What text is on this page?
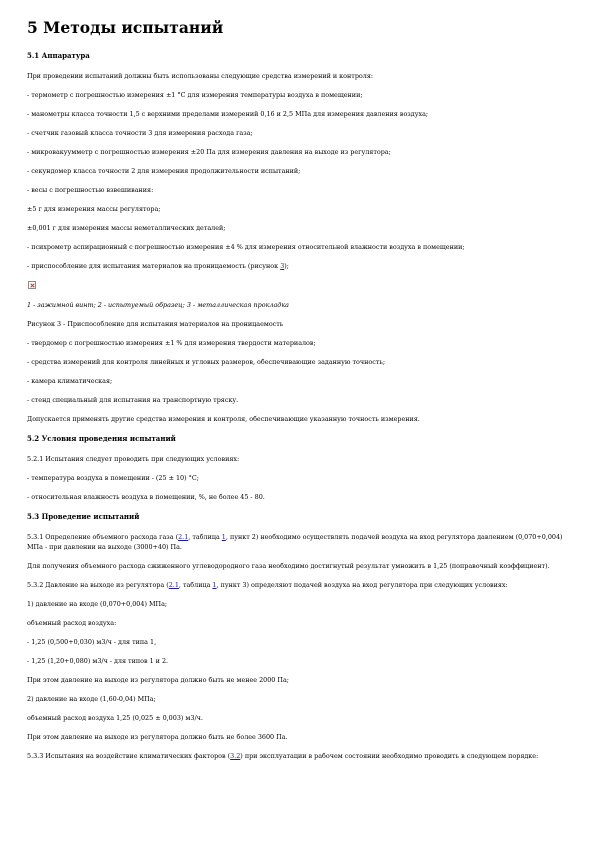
5 Методы испытаний
5.1 Аппаратура

При проведении испытаний должны быть использованы следующие средства измерений и контроля:

- термометр с погрешностью измерения ±1 °С для измерения температуры воздуха в помещении;

- манометры класса точности 1,5 с верхними пределами измерений 0,16 и 2,5 МПа для измерения давления воздуха;

- счетчик газовый класса точности 3 для измерения расхода газа;

- микровакуумметр с погрешностью измерения ±20 Па для измерения давления на выходе из регулятора;

- секундомер класса точности 2 для измерения продолжительности испытаний;

- весы с погрешностью взвешивания:

±5 г для измерения массы регулятора;

±0,001 г для измерения массы неметаллических деталей;

- психрометр аспирационный с погрешностью измерения ±4 % для измерения относительной влажности воздуха в помещении;

- приспособление для испытания материалов на проницаемость (рисунок 3);

1 - зажимной винт; 2 - испытуемый образец; 3 - металлическая прокладка

Рисунок 3 - Приспособление для испытания материалов на проницаемость

- твердомер с погрешностью измерения ±1 % для измерения твердости материалов;

- средства измерений для контроля линейных и угловых размеров, обеспечивающие заданную точность;

- камера климатическая;

- стенд специальный для испытания на транспортную тряску.

Допускается применять другие средства измерения и контроля, обеспечивающие указанную точность измерения.

5.2 Условия проведения испытаний

5.2.1 Испытания следует проводить при следующих условиях:

- температура воздуха в помещении - (25 ± 10) °С;

- относительная влажность воздуха в помещении, %, не более 45 - 80.

5.3 Проведение испытаний

5.3.1 Определение объемного расхода газа (2.1, таблица 1, пункт 2) необходимо осуществлять подачей воздуха на вход регулятора давлением (0,070+0,004) МПа - при давлении на выходе (3000+40) Па.

Для получения объемного расхода сжиженного углеводородного газа необходимо достигнутый результат умножить в 1,25 (поправочный коэффициент).

5.3.2 Давление на выходе из регулятора (2.1, таблица 1, пункт 3) определяют подачей воздуха на вход регулятора при следующих условиях:

1) давление на входе (0,070+0,004) МПа;

объемный расход воздуха:

- 1,25 (0,500+0,030) м3/ч - для типа 1,

- 1,25 (1,20+0,080) м3/ч - для типов 1 и 2.

При этом давление на выходе из регулятора должно быть не менее 2000 Па;

2) давление на входе (1,60-0,04) МПа;

объемный расход воздуха 1,25 (0,025 ± 0,003) м3/ч.

При этом давление на выходе из регулятора должно быть не более 3600 Па.

5.3.3 Испытания на воздействие климатических факторов (3.2) при эксплуатации в рабочем состоянии необходимо проводить в следующем порядке:
